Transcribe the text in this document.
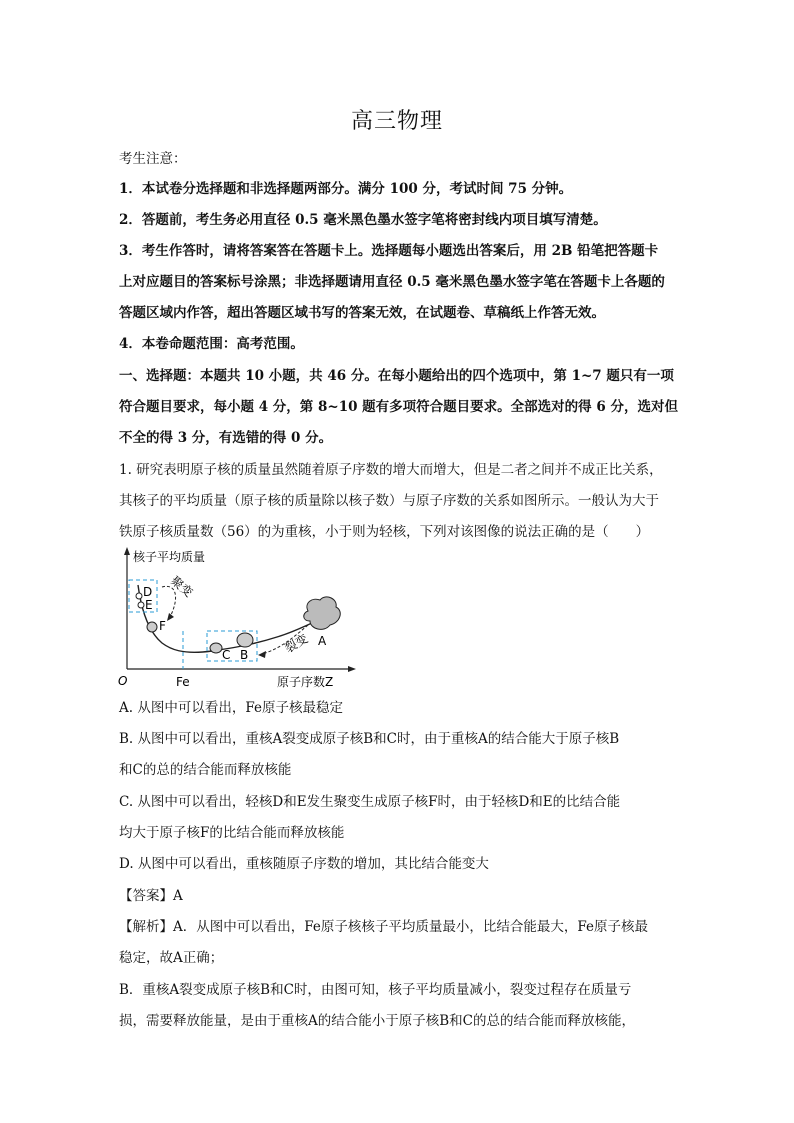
高三物理
考生注意：
1．本试卷分选择题和非选择题两部分。满分 100 分，考试时间 75 分钟。
2．答题前，考生务必用直径 0.5 毫米黑色墨水签字笔将密封线内项目填写清楚。
3．考生作答时，请将答案答在答题卡上。选择题每小题选出答案后，用 2B 铅笔把答题卡
上对应题目的答案标号涂黑；非选择题请用直径 0.5 毫米黑色墨水签字笔在答题卡上各题的
答题区域内作答，超出答题区域书写的答案无效，在试题卷、草稿纸上作答无效。
4．本卷命题范围：高考范围。
一、选择题：本题共 10 小题，共 46 分。在每小题给出的四个选项中，第 1~7 题只有一项
符合题目要求，每小题 4 分，第 8~10 题有多项符合题目要求。全部选对的得 6 分，选对但
不全的得 3 分，有选错的得 0 分。
1. 研究表明原子核的质量虽然随着原子序数的增大而增大，但是二者之间并不成正比关系，
其核子的平均质量（原子核的质量除以核子数）与原子序数的关系如图所示。一般认为大于
铁原子核质量数（56）的为重核，小于则为轻核，下列对该图像的说法正确的是（　　）
核子平均质量
原子序数Z
O	Fe
D
E
F
聚变
C B
A
裂变
A. 从图中可以看出，Fe原子核最稳定
B. 从图中可以看出，重核A裂变成原子核B和C时，由于重核A的结合能大于原子核B
和C的总的结合能而释放核能
C. 从图中可以看出，轻核D和E发生聚变生成原子核F时，由于轻核D和E的比结合能
均大于原子核F的比结合能而释放核能
D. 从图中可以看出，重核随原子序数的增加，其比结合能变大
【答案】A
【解析】A．从图中可以看出，Fe原子核核子平均质量最小，比结合能最大，Fe原子核最
稳定，故A正确；
B．重核A裂变成原子核B和C时，由图可知，核子平均质量减小，裂变过程存在质量亏
损，需要释放能量，是由于重核A的结合能小于原子核B和C的总的结合能而释放核能，
